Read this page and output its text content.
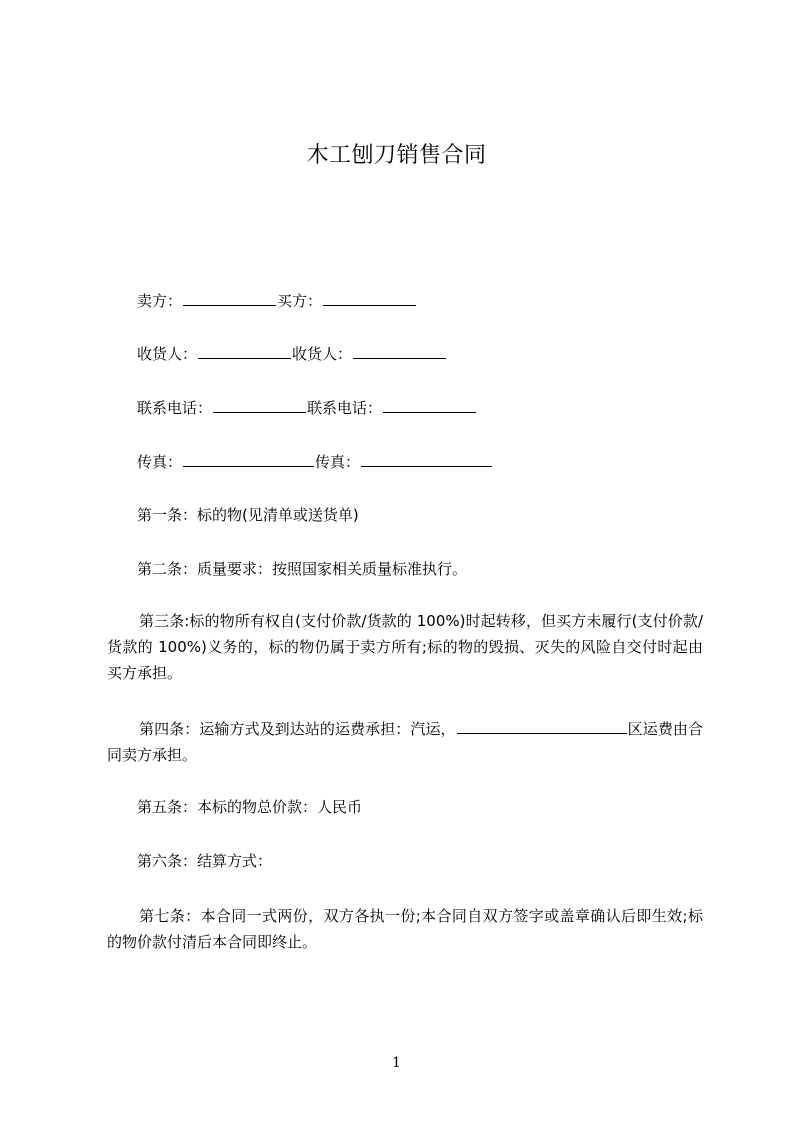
木工刨刀销售合同
卖方：	买方：
收货人：	收货人：
联系电话：	联系电话：
传真：	传真：
第一条：标的物(见清单或送货单)
第二条：质量要求：按照国家相关质量标准执行。

第三条:标的物所有权自(支付价款/货款的 100%)时起转移，但买方未履行(支付价款/货款的 100%)义务的，标的物仍属于卖方所有;标的物的毁损、灭失的风险自交付时起由买方承担。

第四条：运输方式及到达站的运费承担：汽运，	区运费由合同卖方承担。

第五条：本标的物总价款：人民币
第六条：结算方式：

第七条：本合同一式两份，双方各执一份;本合同自双方签字或盖章确认后即生效;标的物价款付清后本合同即终止。

1
